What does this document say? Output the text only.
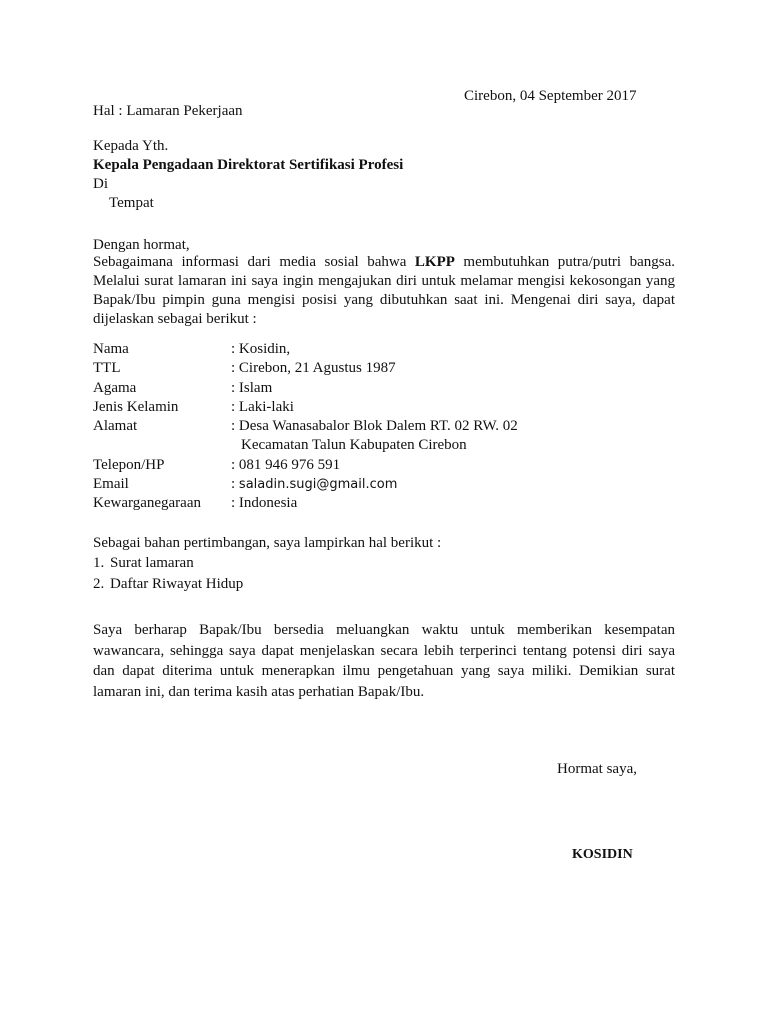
Cirebon, 04 September 2017
Hal : Lamaran Pekerjaan
Kepada Yth.
Kepala Pengadaan Direktorat Sertifikasi Profesi
Di
Tempat
Dengan hormat,
Sebagaimana informasi dari media sosial bahwa LKPP membutuhkan putra/putri bangsa. Melalui surat lamaran ini saya ingin mengajukan diri untuk melamar mengisi kekosongan yang Bapak/Ibu pimpin guna mengisi posisi yang dibutuhkan saat ini. Mengenai diri saya, dapat dijelaskan sebagai berikut :
Nama	: Kosidin,
TTL	: Cirebon, 21 Agustus 1987
Agama	: Islam
Jenis Kelamin	: Laki-laki
Alamat	: Desa Wanasabalor Blok Dalem RT. 02 RW. 02
Kecamatan Talun Kabupaten Cirebon
Telepon/HP	: 081 946 976 591
Email	: saladin.sugi@gmail.com
Kewarganegaraan	: Indonesia
Sebagai bahan pertimbangan, saya lampirkan hal berikut :
1. Surat lamaran
2. Daftar Riwayat Hidup
Saya berharap Bapak/Ibu bersedia meluangkan waktu untuk memberikan kesempatan wawancara, sehingga saya dapat menjelaskan secara lebih terperinci tentang potensi diri saya dan dapat diterima untuk menerapkan ilmu pengetahuan yang saya miliki. Demikian surat lamaran ini, dan terima kasih atas perhatian Bapak/Ibu.
Hormat saya,
KOSIDIN
